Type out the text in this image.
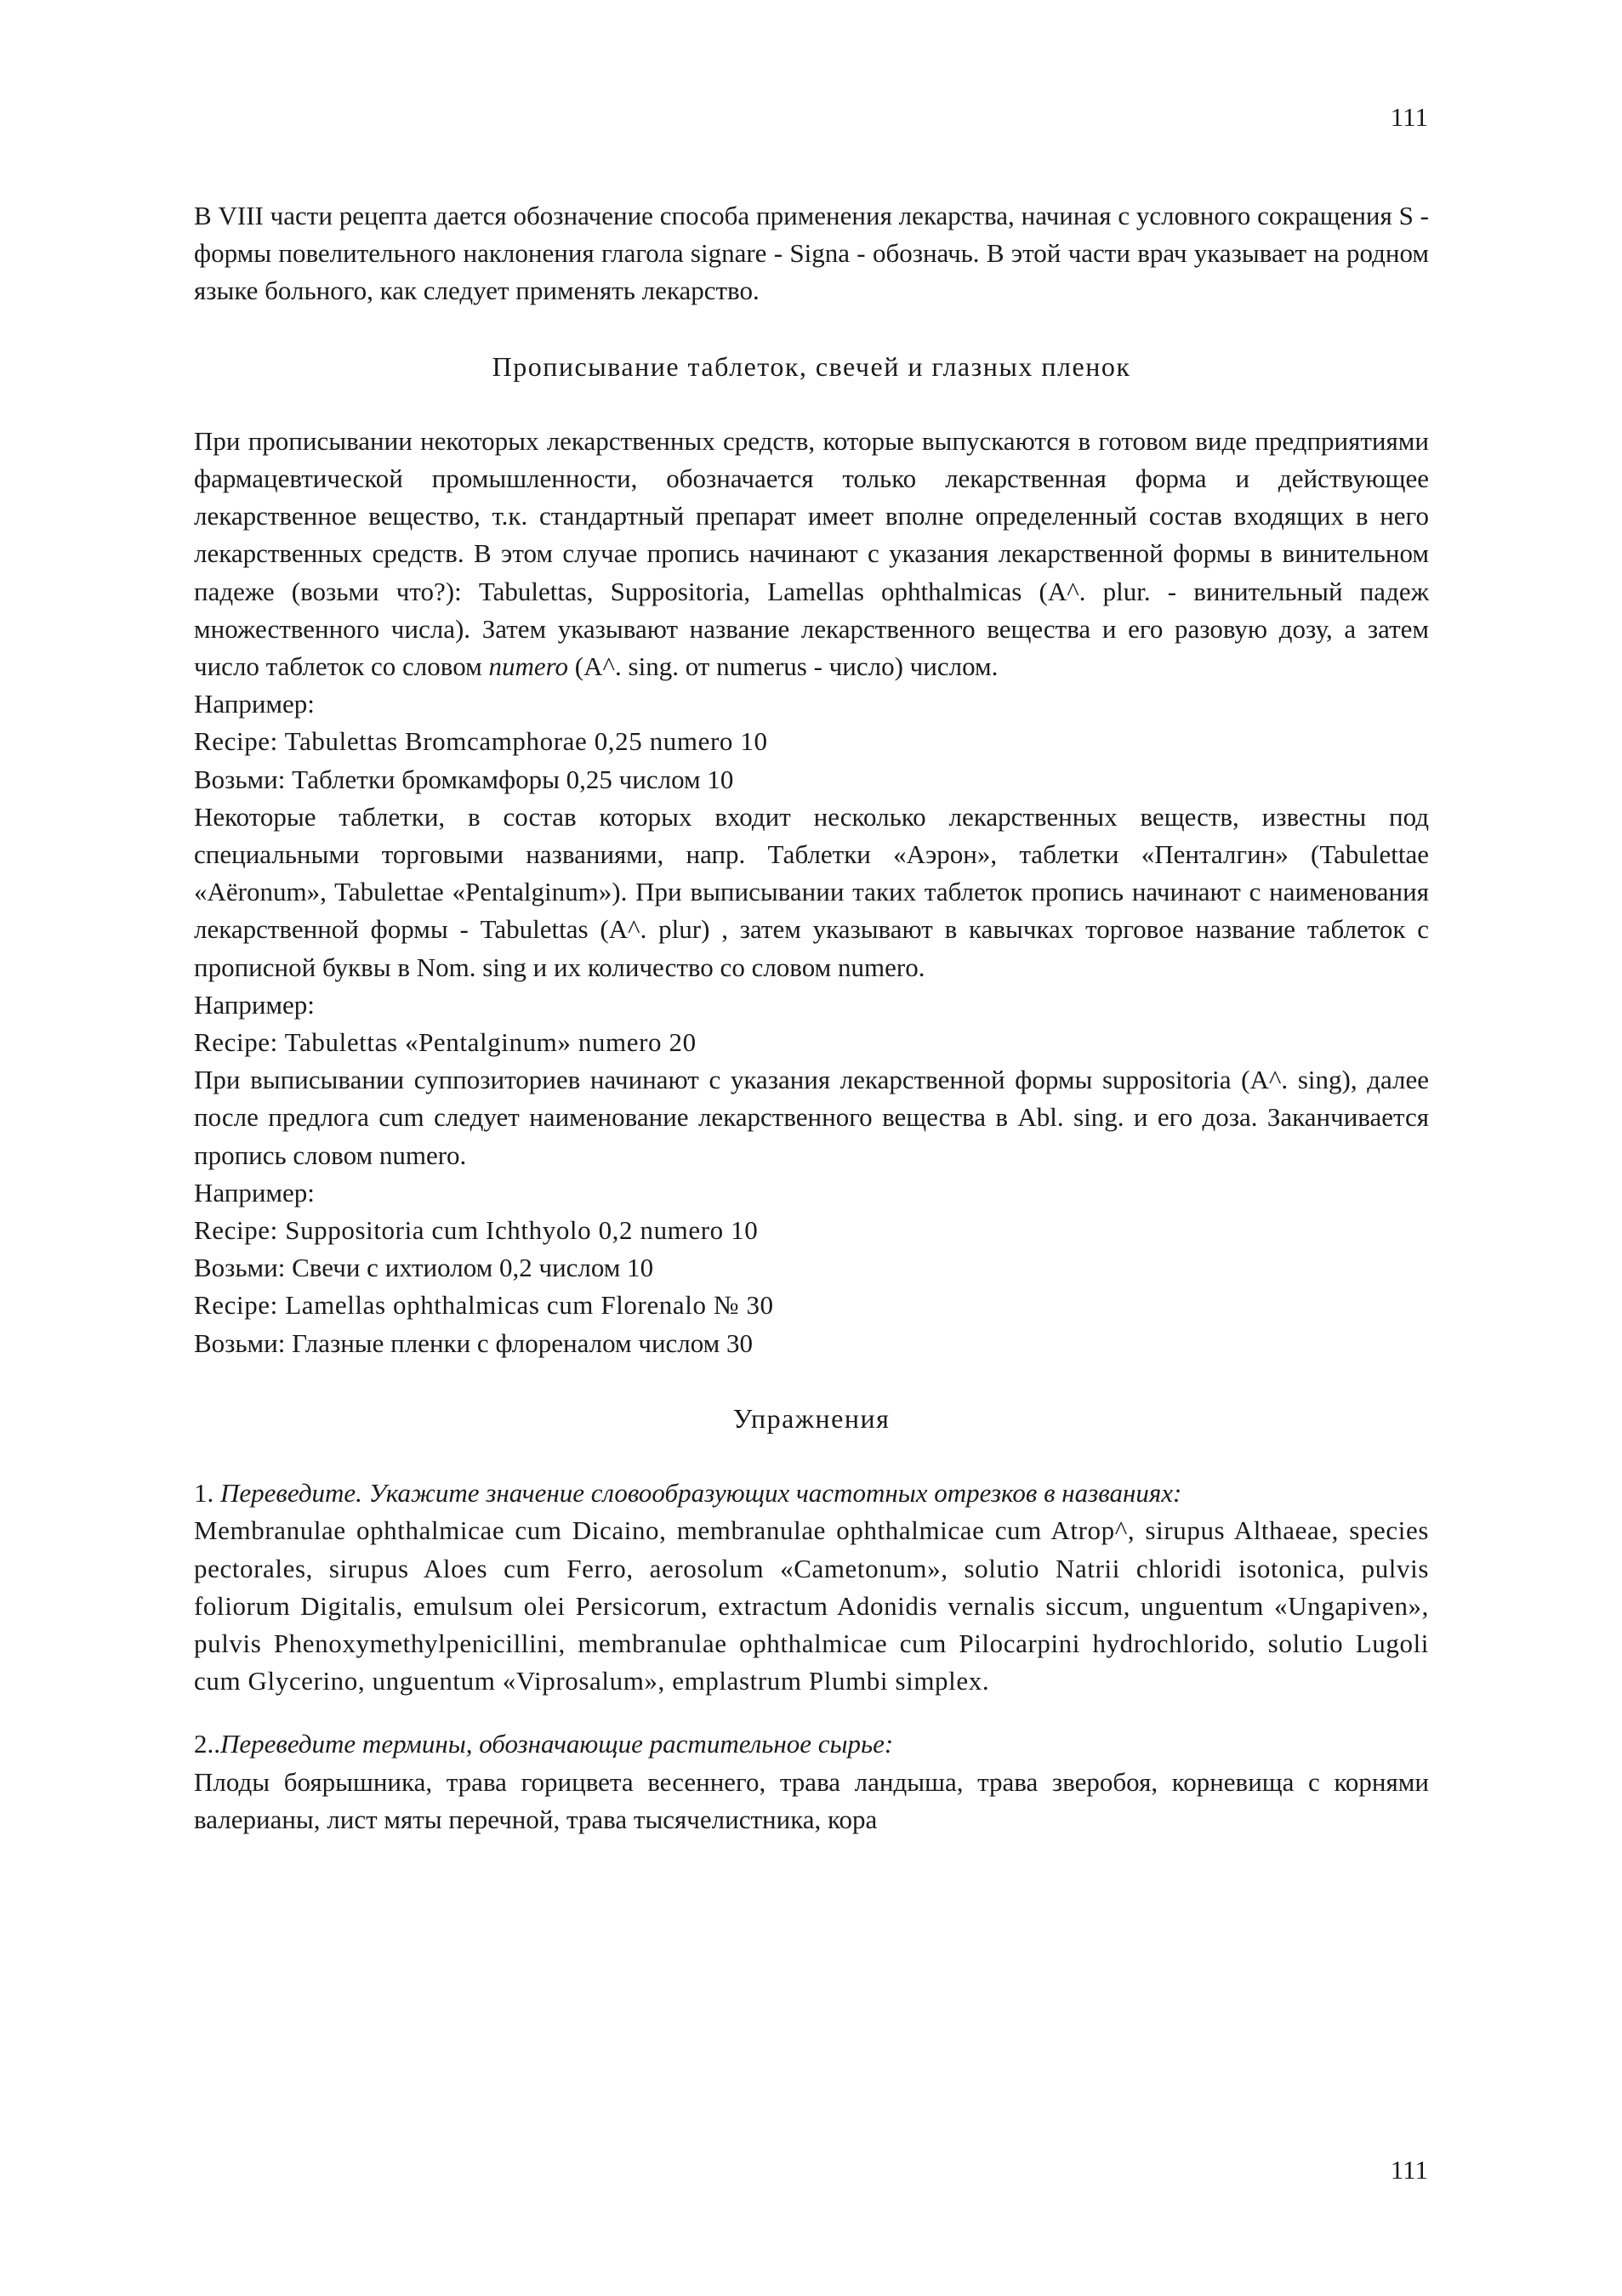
111

В VIII части рецепта дается обозначение способа применения лекарства, начиная с условного сокращения S - формы повелительного наклонения глагола signare - Signa - обозначь. В этой части врач указывает на родном языке больного, как следует применять лекарство.

Прописывание таблеток, свечей и глазных пленок

При прописывании некоторых лекарственных средств, которые выпускаются в готовом виде предприятиями фармацевтической промышленности, обозначается только лекарственная форма и действующее лекарственное вещество, т.к. стандартный препарат имеет вполне определенный состав входящих в него лекарственных средств. В этом случае пропись начинают с указания лекарственной формы в винительном падеже (возьми что?): Tabulettas, Suppositoria, Lamellas ophthalmicas (A^. plur. - винительный падеж множественного числа). Затем указывают название лекарственного вещества и его разовую дозу, а затем число таблеток со словом numero (A^. sing. от numerus - число) числом.

Например:

Recipe: Tabulettas Bromcamphorae 0,25 numero 10

Возьми: Таблетки бромкамфоры 0,25 числом 10

Некоторые таблетки, в состав которых входит несколько лекарственных веществ, известны под специальными торговыми названиями, напр. Таблетки «Аэрон», таблетки «Пенталгин» (Tabulettae «Aёronum», Tabulettae «Pentalginum»). При выписывании таких таблеток пропись начинают с наименования лекарственной формы - Tabulettas (A^. plur) , затем указывают в кавычках торговое название таблеток с прописной буквы в Nom. sing и их количество со словом numero.

Например:

Recipe: Tabulettas «Pentalginum» numero 20

При выписывании суппозиториев начинают с указания лекарственной формы suppositoria (A^. sing), далее после предлога cum следует наименование лекарственного вещества в Abl. sing. и его доза. Заканчивается пропись словом numero.

Например:

Recipe: Suppositoria cum Ichthyolo 0,2 numero 10

Возьми: Свечи с ихтиолом 0,2 числом 10

Recipe: Lamellas ophthalmicas cum Florenalo № 30

Возьми: Глазные пленки с флореналом числом 30

Упражнения

1. Переведите. Укажите значение словообразующих частотных отрезков в названиях:

Membranulae ophthalmicae cum Dicaino, membranulae ophthalmicae cum Atrop^, sirupus Althaeae, species pectorales, sirupus Aloes cum Ferro, aerosolum «Cametonum», solutio Natrii chloridi isotonica, pulvis foliorum Digitalis, emulsum olei Persicorum, extractum Adonidis vernalis siccum, unguentum «Ungapiven», pulvis Phenoxymethylpenicillini, membranulae ophthalmicae cum Pilocarpini hydrochlorido, solutio Lugoli cum Glycerino, unguentum «Viprosalum», emplastrum Plumbi simplex.

2..Переведите термины, обозначающие растительное сырье:

Плоды боярышника, трава горицвета весеннего, трава ландыша, трава зверобоя, корневища с корнями валерианы, лист мяты перечной, трава тысячелистника, кора

111
